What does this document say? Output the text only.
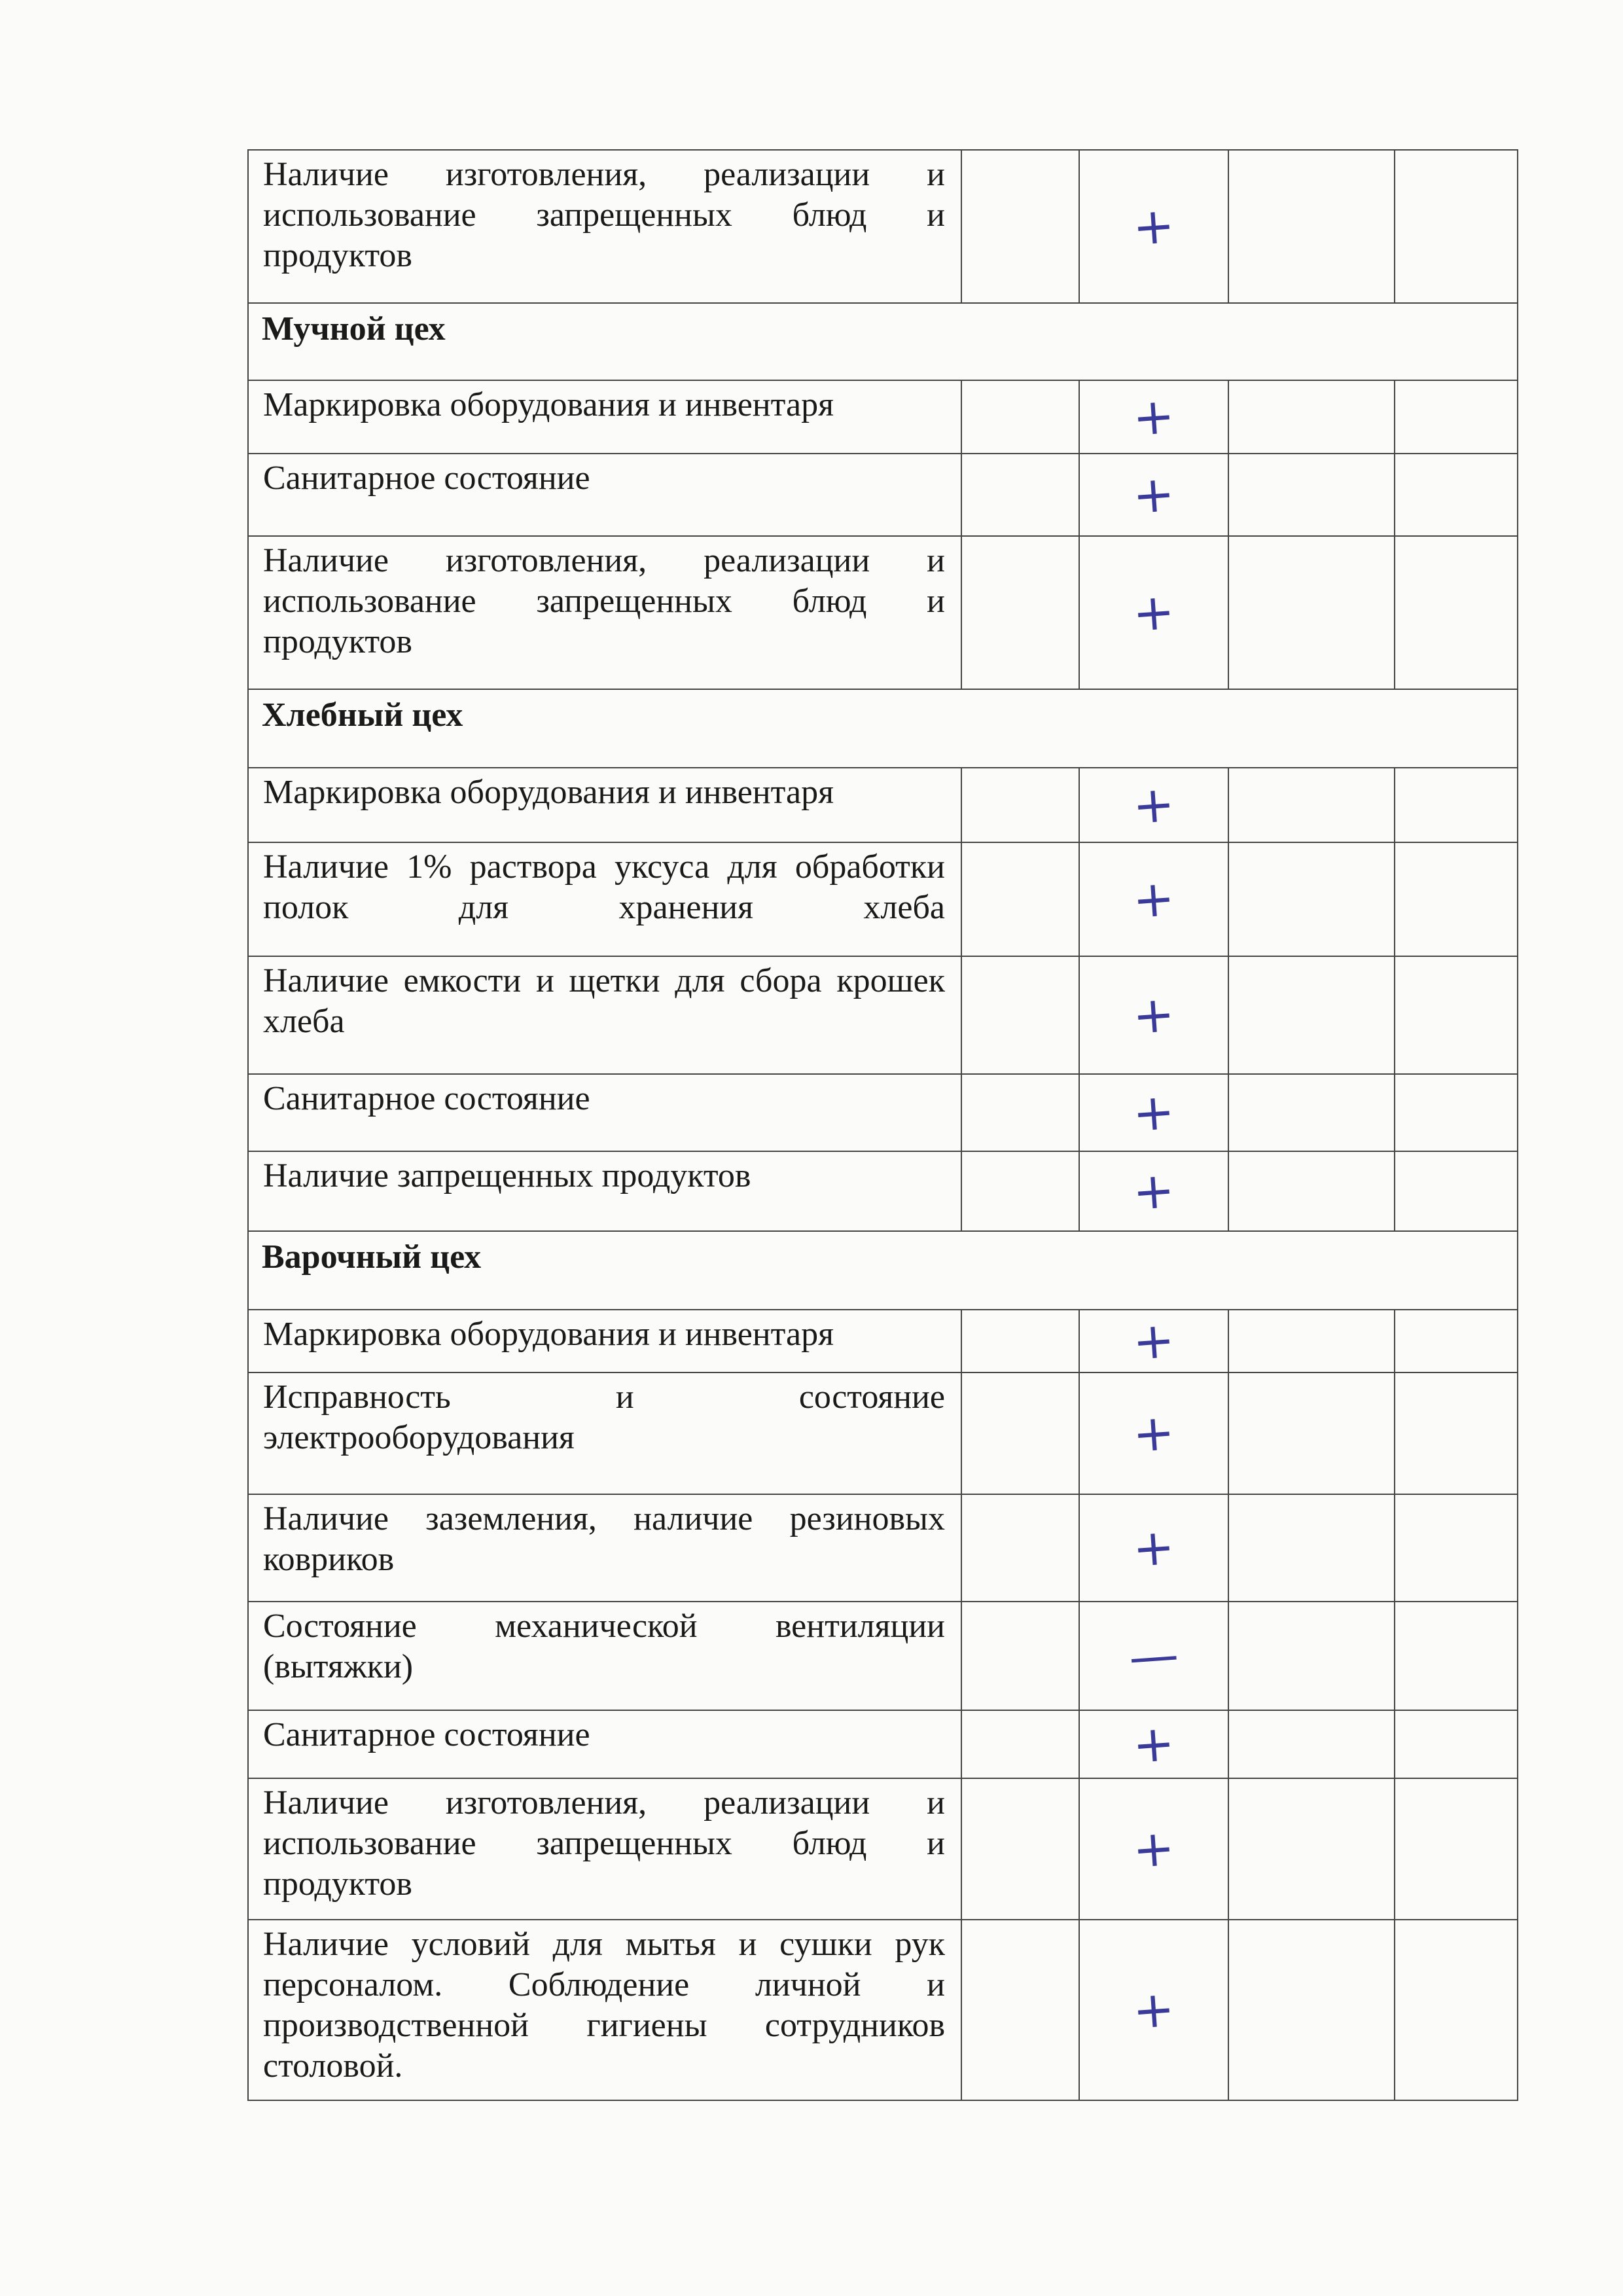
Наличие изготовления, реализации и использование запрещенных блюд и продуктов		+		
Мучной цех				
Маркировка оборудования и инвентаря		+		
Санитарное состояние		+		
Наличие изготовления, реализации и использование запрещенных блюд и продуктов		+		
Хлебный цех				
Маркировка оборудования и инвентаря		+		
Наличие 1% раствора уксуса для обработки полок для хранения хлеба		+		
Наличие емкости и щетки для сбора крошек хлеба		+		
Санитарное состояние		+		
Наличие запрещенных продуктов		+		
Варочный цех				
Маркировка оборудования и инвентаря		+		
Исправность и состояние электрооборудования		+		
Наличие заземления, наличие резиновых ковриков		+		
Состояние механической вентиляции (вытяжки)		—		
Санитарное состояние		+		
Наличие изготовления, реализации и использование запрещенных блюд и продуктов		+		
Наличие условий для мытья и сушки рук персоналом. Соблюдение личной и производственной гигиены сотрудников столовой.		+		
